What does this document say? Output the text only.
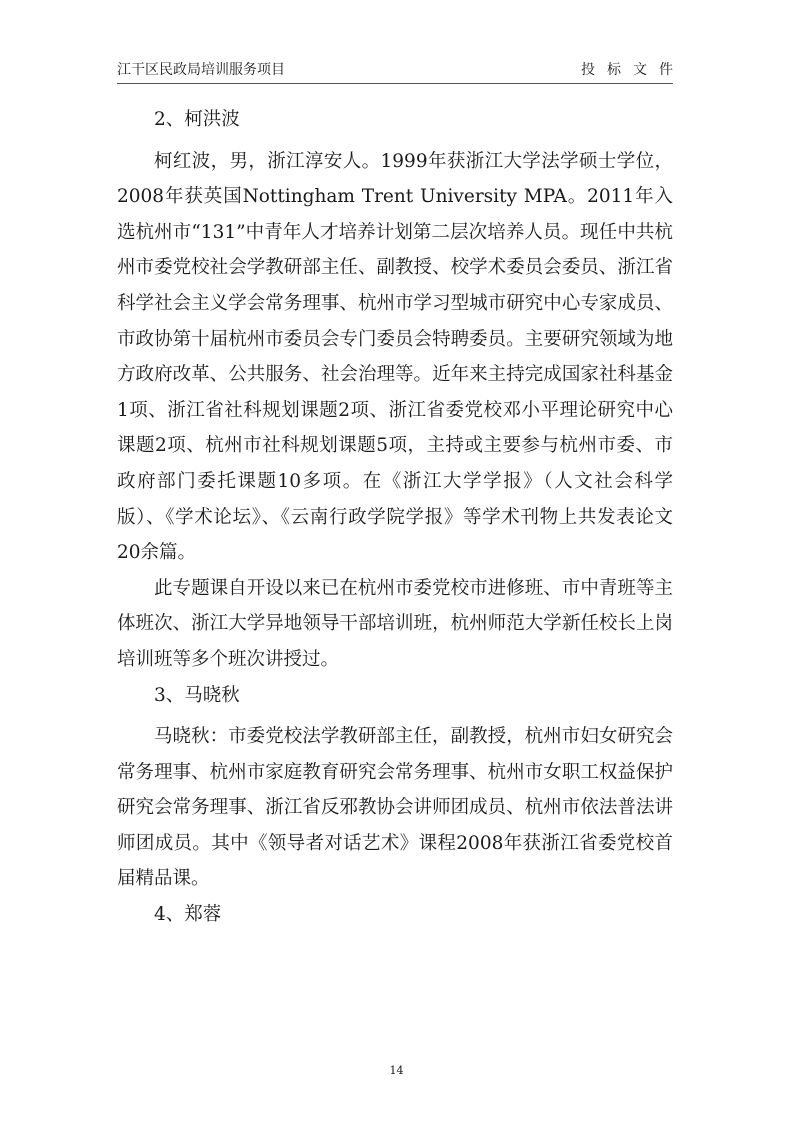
江干区民政局培训服务项目	投标文件

2、柯洪波

柯红波，男，浙江淳安人。1999年获浙江大学法学硕士学位，2008年获英国Nottingham Trent University MPA。2011年入选杭州市“131”中青年人才培养计划第二层次培养人员。现任中共杭州市委党校社会学教研部主任、副教授、校学术委员会委员、浙江省科学社会主义学会常务理事、杭州市学习型城市研究中心专家成员、市政协第十届杭州市委员会专门委员会特聘委员。主要研究领域为地方政府改革、公共服务、社会治理等。近年来主持完成国家社科基金1项、浙江省社科规划课题2项、浙江省委党校邓小平理论研究中心课题2项、杭州市社科规划课题5项，主持或主要参与杭州市委、市政府部门委托课题10多项。在《浙江大学学报》（人文社会科学版）、《学术论坛》、《云南行政学院学报》等学术刊物上共发表论文20余篇。

此专题课自开设以来已在杭州市委党校市进修班、市中青班等主体班次、浙江大学异地领导干部培训班，杭州师范大学新任校长上岗培训班等多个班次讲授过。

3、马晓秋

马晓秋：市委党校法学教研部主任，副教授，杭州市妇女研究会常务理事、杭州市家庭教育研究会常务理事、杭州市女职工权益保护研究会常务理事、浙江省反邪教协会讲师团成员、杭州市依法普法讲师团成员。其中《领导者对话艺术》课程2008年获浙江省委党校首届精品课。

4、郑蓉

14
